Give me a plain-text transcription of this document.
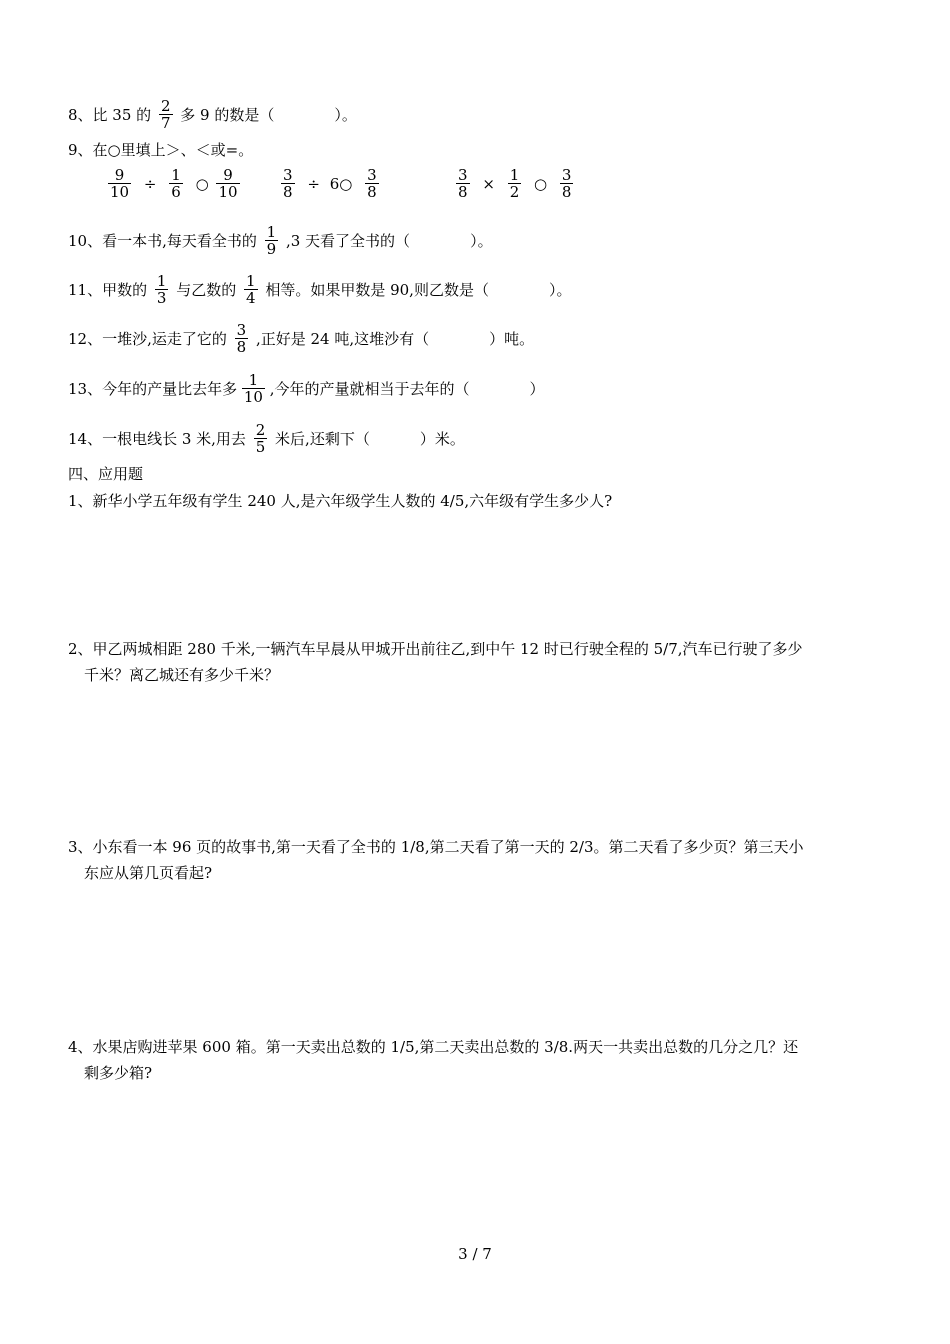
8、比 35 的 $\frac{2}{7}$ 多 9 的数是（	）。
9、在○里填上＞、＜或=。
$\frac{9}{10} \div \frac{1}{6}$ ○ $\frac{9}{10}$	$\frac{3}{8}$ ÷ 6○ $\frac{3}{8}$	$\frac{3}{8} \times \frac{1}{2}$ ○ $\frac{3}{8}$
10、看一本书,每天看全书的 $\frac{1}{9} ,3$ 天看了全书的（	）。
11、甲数的 $\frac{1}{3}$ 与乙数的 $\frac{1}{4}$ 相等。如果甲数是 90,则乙数是（	）。
12、一堆沙,运走了它的 $\frac{3}{8}$ ,正好是 24 吨,这堆沙有（	）吨。
13、今年的产量比去年多 $\frac{1}{10}$ ,今年的产量就相当于去年的（	）
14、一根电线长 3 米,用去 $\frac{2}{5}$ 米后,还剩下（	）米。
四、应用题
1、新华小学五年级有学生 240 人,是六年级学生人数的 4/5,六年级有学生多少人?
2、甲乙两城相距 280 千米,一辆汽车早晨从甲城开出前往乙,到中午 12 时已行驶全程的 5/7,汽车已行驶了多少
千米？离乙城还有多少千米？
3、小东看一本 96 页的故事书,第一天看了全书的 1/8,第二天看了第一天的 2/3。第二天看了多少页？第三天小
东应从第几页看起?
4、水果店购进苹果 600 箱。第一天卖出总数的 1/5,第二天卖出总数的 3/8.两天一共卖出总数的几分之几？还
剩多少箱?
3 / 7
